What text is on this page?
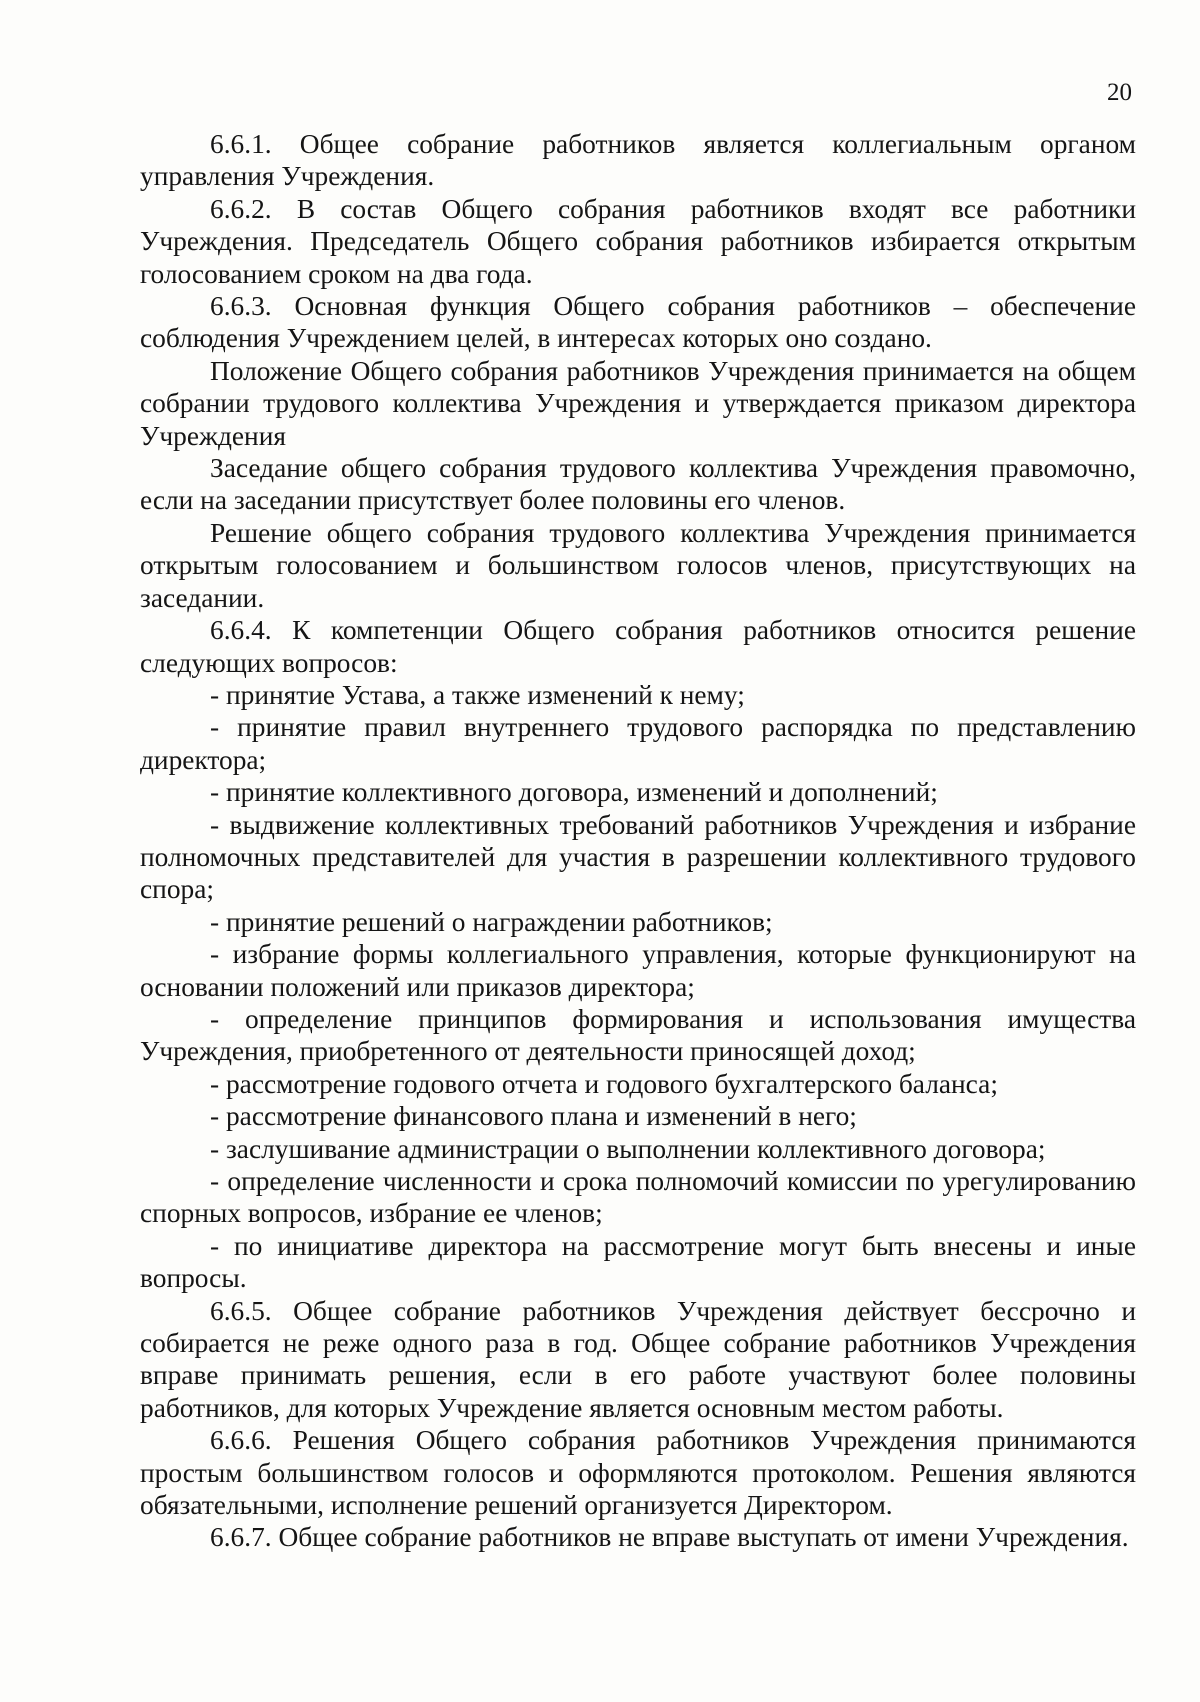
20

6.6.1. Общее собрание работников является коллегиальным органом управления Учреждения.

6.6.2. В состав Общего собрания работников входят все работники Учреждения. Председатель Общего собрания работников избирается открытым голосованием сроком на два года.

6.6.3. Основная функция Общего собрания работников – обеспечение соблюдения Учреждением целей, в интересах которых оно создано.

Положение Общего собрания работников Учреждения принимается на общем собрании трудового коллектива Учреждения и утверждается приказом директора Учреждения

Заседание общего собрания трудового коллектива Учреждения правомочно, если на заседании присутствует более половины его членов.

Решение общего собрания трудового коллектива Учреждения принимается открытым голосованием и большинством голосов членов, присутствующих на заседании.

6.6.4. К компетенции Общего собрания работников относится решение следующих вопросов:

- принятие Устава, а также изменений к нему;

- принятие правил внутреннего трудового распорядка по представлению директора;

- принятие коллективного договора, изменений и дополнений;

- выдвижение коллективных требований работников Учреждения и избрание полномочных представителей для участия в разрешении коллективного трудового спора;

- принятие решений о награждении работников;

- избрание формы коллегиального управления, которые функционируют на основании положений или приказов директора;

- определение принципов формирования и использования имущества Учреждения, приобретенного от деятельности приносящей доход;

- рассмотрение годового отчета и годового бухгалтерского баланса;

- рассмотрение финансового плана и изменений в него;

- заслушивание администрации о выполнении коллективного договора;

- определение численности и срока полномочий комиссии по урегулированию спорных вопросов, избрание ее членов;

- по инициативе директора на рассмотрение могут быть внесены и иные вопросы.

6.6.5. Общее собрание работников Учреждения действует бессрочно и собирается не реже одного раза в год. Общее собрание работников Учреждения вправе принимать решения, если в его работе участвуют более половины работников, для которых Учреждение является основным местом работы.

6.6.6. Решения Общего собрания работников Учреждения принимаются простым большинством голосов и оформляются протоколом. Решения являются обязательными, исполнение решений организуется Директором.

6.6.7. Общее собрание работников не вправе выступать от имени Учреждения.
